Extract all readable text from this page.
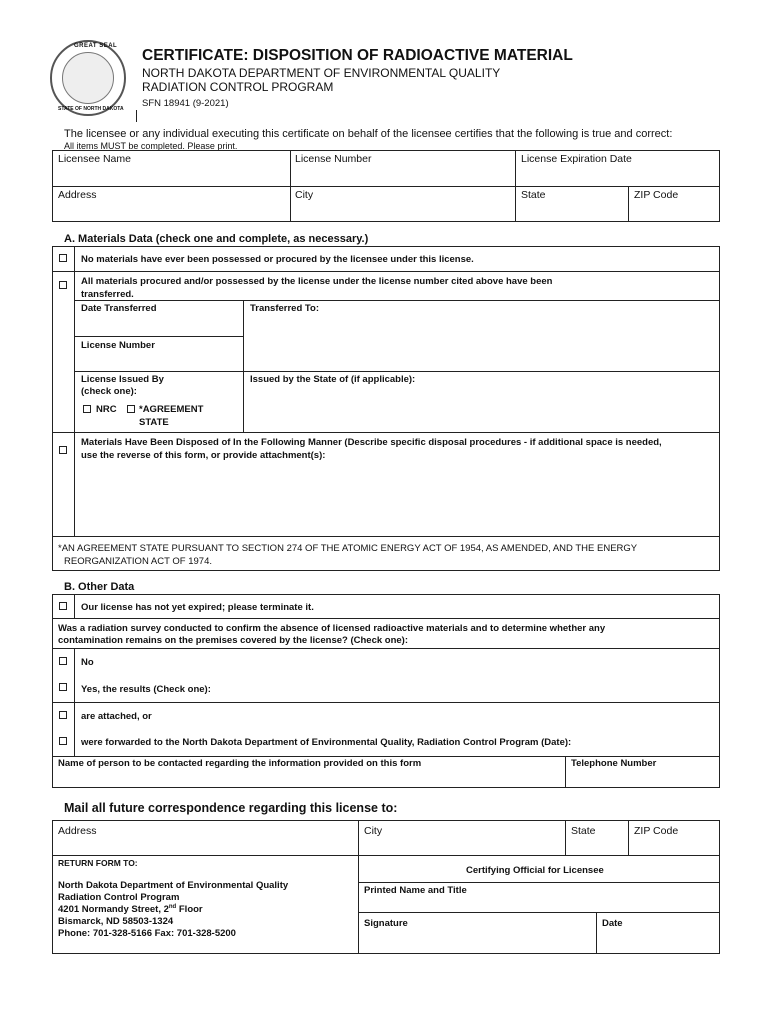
GREAT SEAL
STATE OF NORTH DAKOTA
CERTIFICATE: DISPOSITION OF RADIOACTIVE MATERIAL
NORTH DAKOTA DEPARTMENT OF ENVIRONMENTAL QUALITY
RADIATION CONTROL PROGRAM
SFN 18941 (9-2021)
The licensee or any individual executing this certificate on behalf of the licensee certifies that the following is true and correct:
All items MUST be completed. Please print.
Licensee Name	License Number	License Expiration Date
Address	City	State	ZIP Code
A. Materials Data (check one and complete, as necessary.)
No materials have ever been possessed or procured by the licensee under this license.
All materials procured and/or possessed by the license under the license number cited above have been
transferred.
Date Transferred	Transferred To:
License Number
License Issued By
(check one):
Issued by the State of (if applicable):
NRC *AGREEMENT
STATE
Materials Have Been Disposed of In the Following Manner (Describe specific disposal procedures - if additional space is needed,
use the reverse of this form, or provide attachment(s):
*AN AGREEMENT STATE PURSUANT TO SECTION 274 OF THE ATOMIC ENERGY ACT OF 1954, AS AMENDED, AND THE ENERGY
REORGANIZATION ACT OF 1974.
B. Other Data
Our license has not yet expired; please terminate it.
Was a radiation survey conducted to confirm the absence of licensed radioactive materials and to determine whether any
contamination remains on the premises covered by the license? (Check one):
No
Yes, the results (Check one):
are attached, or
were forwarded to the North Dakota Department of Environmental Quality, Radiation Control Program (Date):
Name of person to be contacted regarding the information provided on this form	Telephone Number
Mail all future correspondence regarding this license to:
Address	City	State	ZIP Code
RETURN FORM TO:
North Dakota Department of Environmental Quality
Radiation Control Program
4201 Normandy Street, 2nd Floor
Bismarck, ND 58503-1324
Phone: 701-328-5166 Fax: 701-328-5200
Certifying Official for Licensee
Printed Name and Title
Signature	Date
